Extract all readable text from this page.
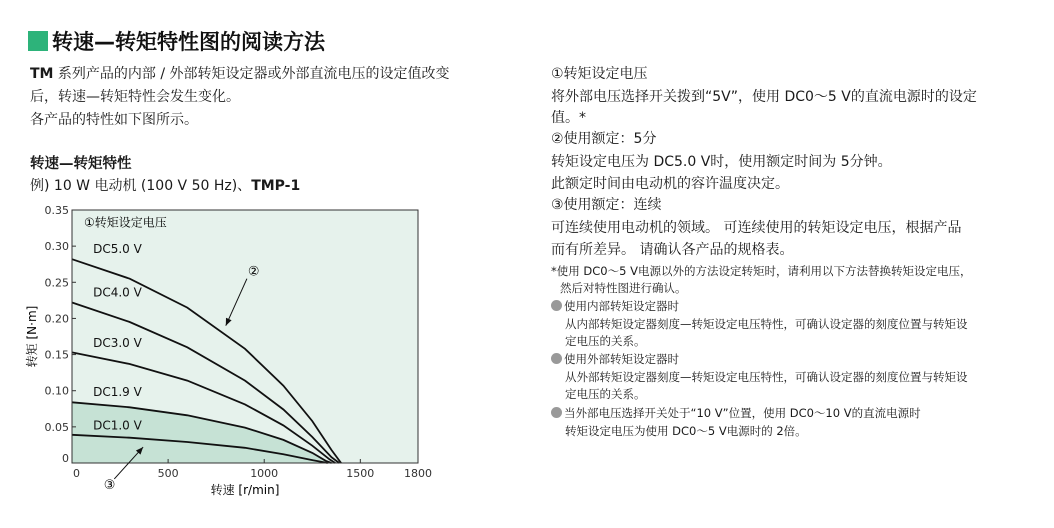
转速—转矩特性图的阅读方法
TM 系列产品的内部 / 外部转矩设定器或外部直流电压的设定值改变
后，转速—转矩特性会发生变化。
各产品的特性如下图所示。
转速—转矩特性
例) 10 W 电动机 (100 V 50 Hz)、TMP-1
DC5.0 V
DC4.0 V
DC3.0 V
DC1.9 V
DC1.0 V
0	500	1000	1500	1800
0
0.05
0.10
0.15
0.20
0.25
0.30
0.35
①转矩设定电压
②
③	转速 [r/min]
转矩 [N·m]
①转矩设定电压
将外部电压选择开关拨到“5V”，使用 DC0～5 V的直流电源时的设定
值。*
②使用额定：5分
转矩设定电压为 DC5.0 V时，使用额定时间为 5分钟。
此额定时间由电动机的容许温度决定。
③使用额定：连续
可连续使用电动机的领域。 可连续使用的转矩设定电压，根据产品
而有所差异。 请确认各产品的规格表。
*使用 DC0～5 V电源以外的方法设定转矩时，请利用以下方法替换转矩设定电压，
然后对特性图进行确认。
使用内部转矩设定器时
从内部转矩设定器刻度—转矩设定电压特性，可确认设定器的刻度位置与转矩设
定电压的关系。
使用外部转矩设定器时
从外部转矩设定器刻度—转矩设定电压特性，可确认设定器的刻度位置与转矩设
定电压的关系。
当外部电压选择开关处于“10 V”位置，使用 DC0～10 V的直流电源时
转矩设定电压为使用 DC0～5 V电源时的 2倍。
